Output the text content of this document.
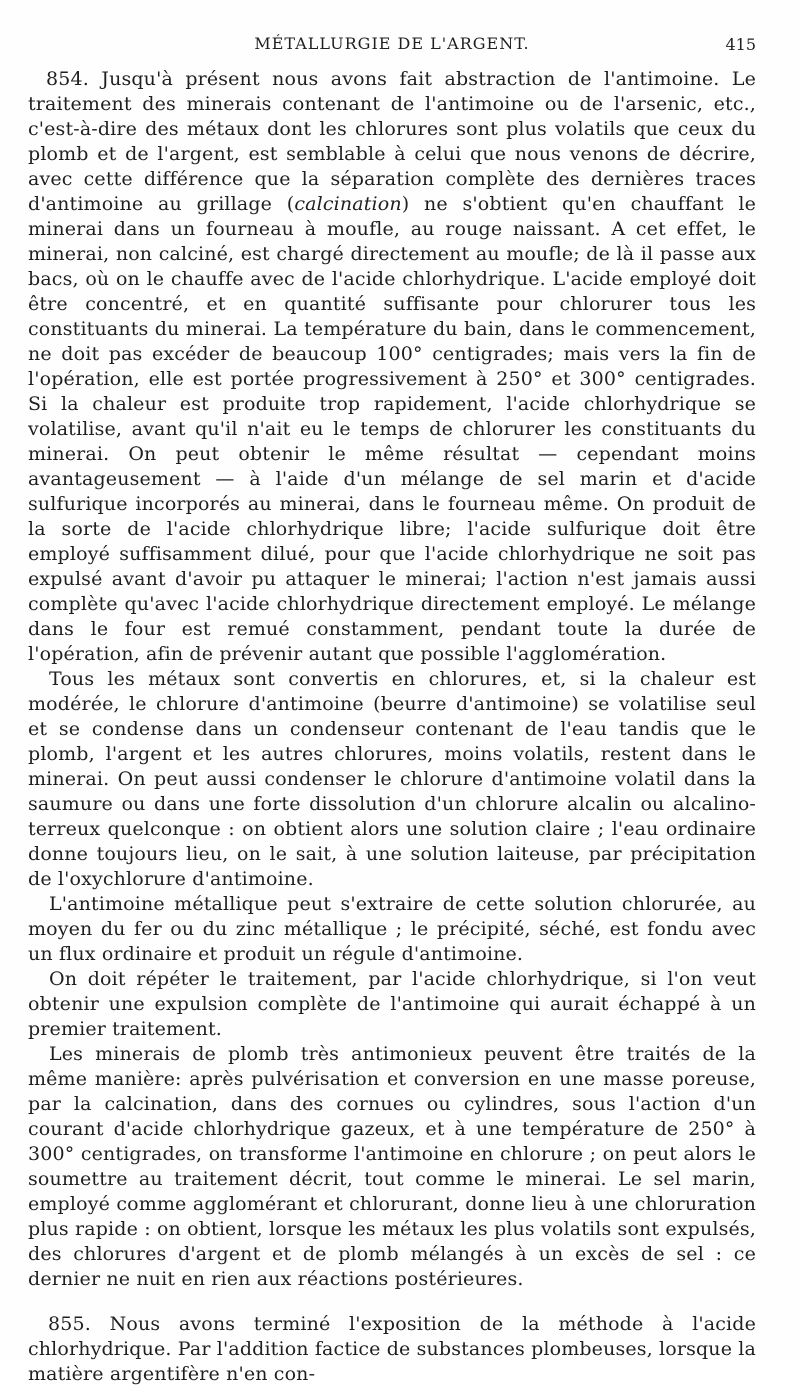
MÉTALLURGIE DE L'ARGENT.	415

854. Jusqu'à présent nous avons fait abstraction de l'antimoine. Le traitement des minerais contenant de l'antimoine ou de l'arsenic, etc., c'est-à-dire des métaux dont les chlorures sont plus volatils que ceux du plomb et de l'argent, est semblable à celui que nous venons de décrire, avec cette différence que la séparation complète des dernières traces d'antimoine au grillage (calcination) ne s'obtient qu'en chauffant le minerai dans un fourneau à moufle, au rouge naissant. A cet effet, le minerai, non calciné, est chargé directement au moufle; de là il passe aux bacs, où on le chauffe avec de l'acide chlorhydrique. L'acide employé doit être concentré, et en quantité suffisante pour chlorurer tous les constituants du minerai. La température du bain, dans le commencement, ne doit pas excéder de beaucoup 100° centigrades; mais vers la fin de l'opération, elle est portée progressivement à 250° et 300° centigrades. Si la chaleur est produite trop rapidement, l'acide chlorhydrique se volatilise, avant qu'il n'ait eu le temps de chlorurer les constituants du minerai. On peut obtenir le même résultat — cependant moins avantageusement — à l'aide d'un mélange de sel marin et d'acide sulfurique incorporés au minerai, dans le fourneau même. On produit de la sorte de l'acide chlorhydrique libre; l'acide sulfurique doit être employé suffisamment dilué, pour que l'acide chlorhydrique ne soit pas expulsé avant d'avoir pu attaquer le minerai; l'action n'est jamais aussi complète qu'avec l'acide chlorhydrique directement employé. Le mélange dans le four est remué constamment, pendant toute la durée de l'opération, afin de prévenir autant que possible l'agglomération.

Tous les métaux sont convertis en chlorures, et, si la chaleur est modérée, le chlorure d'antimoine (beurre d'antimoine) se volatilise seul et se condense dans un condenseur contenant de l'eau tandis que le plomb, l'argent et les autres chlorures, moins volatils, restent dans le minerai. On peut aussi condenser le chlorure d'antimoine volatil dans la saumure ou dans une forte dissolution d'un chlorure alcalin ou alcalino-terreux quelconque : on obtient alors une solution claire ; l'eau ordinaire donne toujours lieu, on le sait, à une solution laiteuse, par précipitation de l'oxychlorure d'antimoine.

L'antimoine métallique peut s'extraire de cette solution chlorurée, au moyen du fer ou du zinc métallique ; le précipité, séché, est fondu avec un flux ordinaire et produit un régule d'antimoine.

On doit répéter le traitement, par l'acide chlorhydrique, si l'on veut obtenir une expulsion complète de l'antimoine qui aurait échappé à un premier traitement.

Les minerais de plomb très antimonieux peuvent être traités de la même manière: après pulvérisation et conversion en une masse poreuse, par la calcination, dans des cornues ou cylindres, sous l'action d'un courant d'acide chlorhydrique gazeux, et à une température de 250° à 300° centigrades, on transforme l'antimoine en chlorure ; on peut alors le soumettre au traitement décrit, tout comme le minerai. Le sel marin, employé comme agglomérant et chlorurant, donne lieu à une chloruration plus rapide : on obtient, lorsque les métaux les plus volatils sont expulsés, des chlorures d'argent et de plomb mélangés à un excès de sel : ce dernier ne nuit en rien aux réactions postérieures.

855. Nous avons terminé l'exposition de la méthode à l'acide chlorhydrique. Par l'addition factice de substances plombeuses, lorsque la matière argentifère n'en con-
